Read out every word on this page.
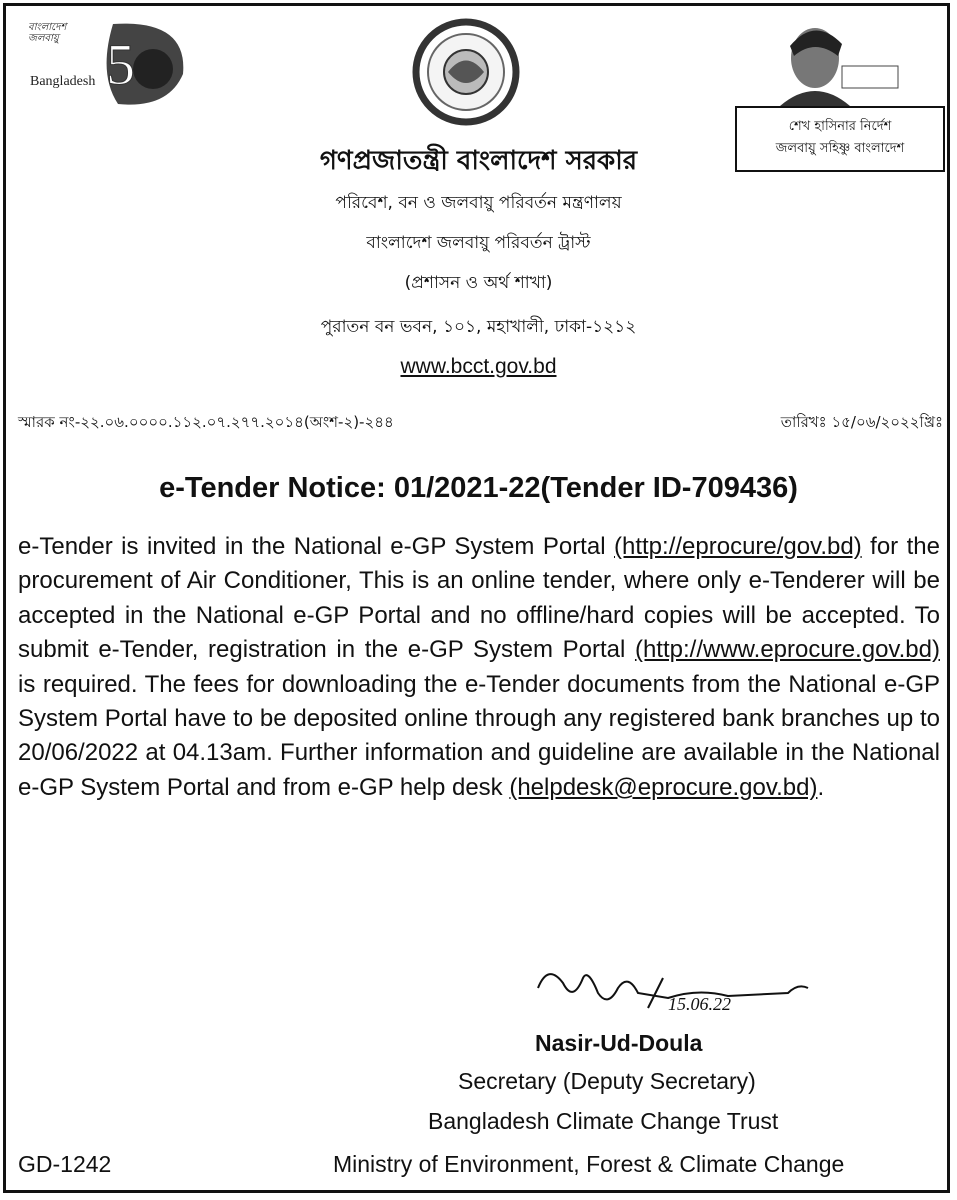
5
বাংলাদেশ
জলবায়ু
Bangladesh
শেখ হাসিনার নির্দেশ
জলবায়ু সহিষ্ণু বাংলাদেশ
গণপ্রজাতন্ত্রী বাংলাদেশ সরকার
পরিবেশ, বন ও জলবায়ু পরিবর্তন মন্ত্রণালয়
বাংলাদেশ জলবায়ু পরিবর্তন ট্রাস্ট
(প্রশাসন ও অর্থ শাখা)
পুরাতন বন ভবন, ১০১, মহাখালী, ঢাকা-১২১২
www.bcct.gov.bd
স্মারক নং-২২.০৬.০০০০.১১২.০৭.২৭৭.২০১৪(অংশ-২)-২৪৪	তারিখঃ ১৫/০৬/২০২২খ্রিঃ
e-Tender Notice: 01/2021-22(Tender ID-709436)
e-Tender is invited in the National e-GP System Portal (http://eprocure/gov.bd) for the procurement of Air Conditioner, This is an online tender, where only e-Tenderer will be accepted in the National e-GP Portal and no offline/hard copies will be accepted. To submit e-Tender, registration in the e-GP System Portal (http://www.eprocure.gov.bd) is required. The fees for downloading the e-Tender documents from the National e-GP System Portal have to be deposited online through any registered bank branches up to 20/06/2022 at 04.13am. Further information and guideline are available in the National e-GP System Portal and from e-GP help desk (helpdesk@eprocure.gov.bd).
15.06.22
Nasir-Ud-Doula
Secretary (Deputy Secretary)
Bangladesh Climate Change Trust
Ministry of Environment, Forest & Climate Change
GD-1242
